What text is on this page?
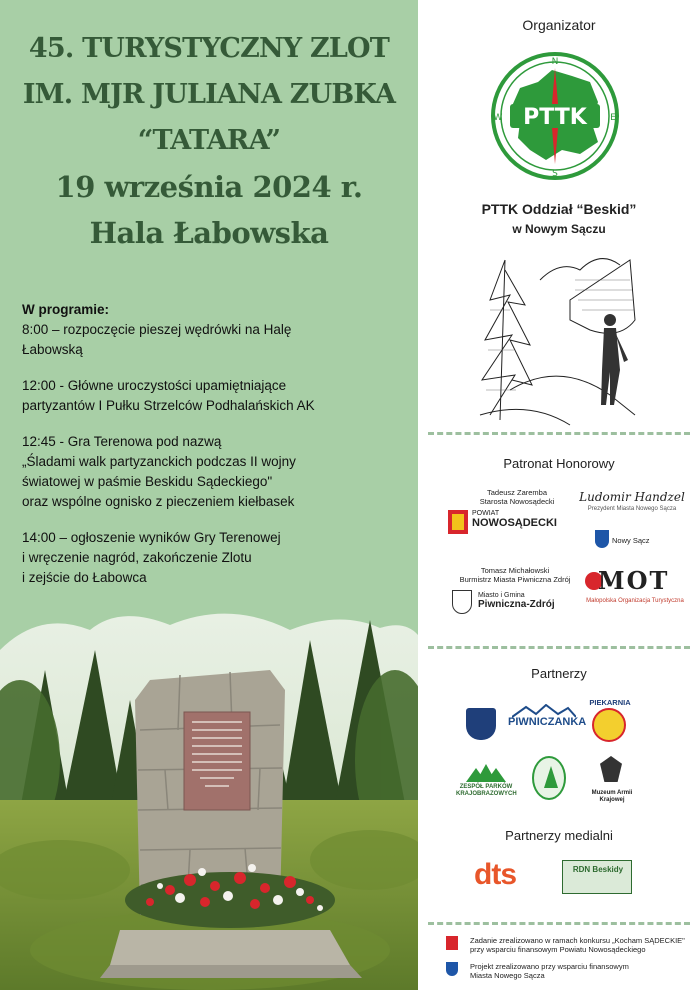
45. TURYSTYCZNY ZLOT
IM. MJR JULIANA ZUBKA
“TATARA”
19 września 2024 r.
Hala Łabowska
W programie:
8:00 – rozpoczęcie pieszej wędrówki na Halę
Łabowską
12:00 - Główne uroczystości upamiętniające
partyzantów I Pułku Strzelców Podhalańskich AK
12:45 - Gra Terenowa pod nazwą
„Śladami walk partyzanckich podczas II wojny
światowej w paśmie Beskidu Sądeckiego"
oraz wspólne ognisko z pieczeniem kiełbasek
14:00 – ogłoszenie wyników Gry Terenowej
i wręczenie nagród, zakończenie Zlotu
i zejście do Łabowca
Organizator
PTTK
N
E
S
W
PTTK Oddział “Beskid”
w Nowym Sączu
Patronat Honorowy
Tadeusz Zaremba
Starosta Nowosądecki
POWIAT
NOWOSĄDECKI
Ludomir Handzel
Prezydent Miasta Nowego Sącza
Nowy Sącz
Tomasz Michałowski
Burmistrz Miasta Piwniczna Zdrój
Miasto i Gmina
Piwniczna-Zdrój
MOT
Małopolska Organizacja Turystyczna
Partnerzy
PIWNICZANKA
PIEKARNIA
ZESPÓŁ PARKÓW KRAJOBRAZOWYCH	Muzeum Armii Krajowej
Partnerzy medialni
dts	RDN Beskidy
Zadanie zrealizowano w ramach konkursu „Kocham SĄDECKIE"
przy wsparciu finansowym Powiatu Nowosądeckiego
Projekt zrealizowano przy wsparciu finansowym
Miasta Nowego Sącza
